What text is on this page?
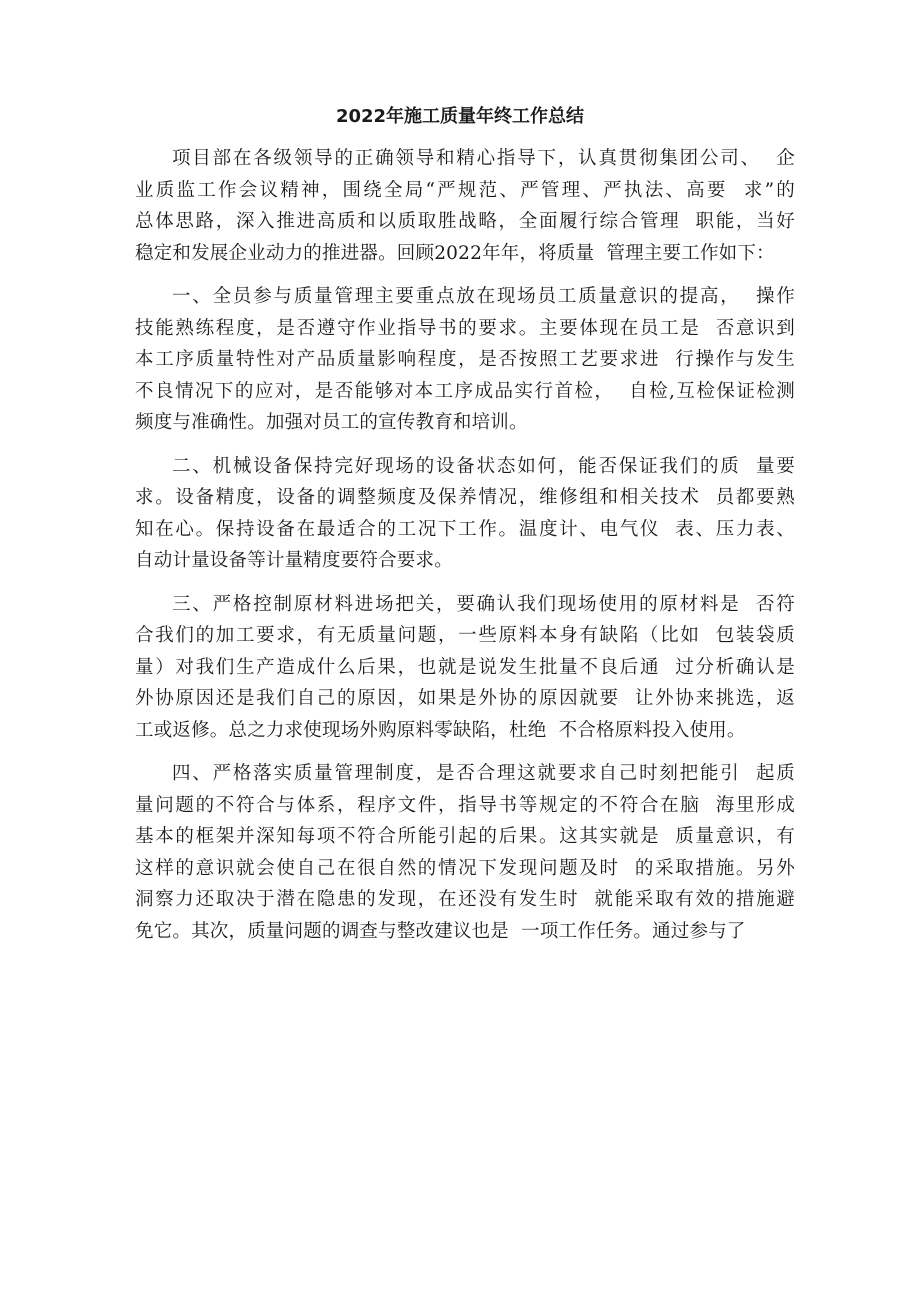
2022年施工质量年终工作总结

项目部在各级领导的正确领导和精心指导下，认真贯彻集团公司、  企
业质监工作会议精神，围绕全局“严规范、严管理、严执法、高要  求”的
总体思路，深入推进高质和以质取胜战略，全面履行综合管理  职能，当好
稳定和发展企业动力的推进器。回顾2022年年，将质量  管理主要工作如下：

一、全员参与质量管理主要重点放在现场员工质量意识的提高，  操作
技能熟练程度，是否遵守作业指导书的要求。主要体现在员工是  否意识到
本工序质量特性对产品质量影响程度，是否按照工艺要求进  行操作与发生
不良情况下的应对，是否能够对本工序成品实行首检，  自检,互检保证检测
频度与准确性。加强对员工的宣传教育和培训。

二、机械设备保持完好现场的设备状态如何，能否保证我们的质  量要
求。设备精度，设备的调整频度及保养情况，维修组和相关技术  员都要熟
知在心。保持设备在最适合的工况下工作。温度计、电气仪  表、压力表、
自动计量设备等计量精度要符合要求。

三、严格控制原材料进场把关，要确认我们现场使用的原材料是  否符
合我们的加工要求，有无质量问题，一些原料本身有缺陷（比如  包装袋质
量）对我们生产造成什么后果，也就是说发生批量不良后通  过分析确认是
外协原因还是我们自己的原因，如果是外协的原因就要  让外协来挑选，返
工或返修。总之力求使现场外购原料零缺陷，杜绝  不合格原料投入使用。

四、严格落实质量管理制度，是否合理这就要求自己时刻把能引  起质
量问题的不符合与体系，程序文件，指导书等规定的不符合在脑  海里形成
基本的框架并深知每项不符合所能引起的后果。这其实就是  质量意识，有
这样的意识就会使自己在很自然的情况下发现问题及时  的采取措施。另外
洞察力还取决于潜在隐患的发现，在还没有发生时  就能采取有效的措施避
免它。其次，质量问题的调查与整改建议也是  一项工作任务。通过参与了
